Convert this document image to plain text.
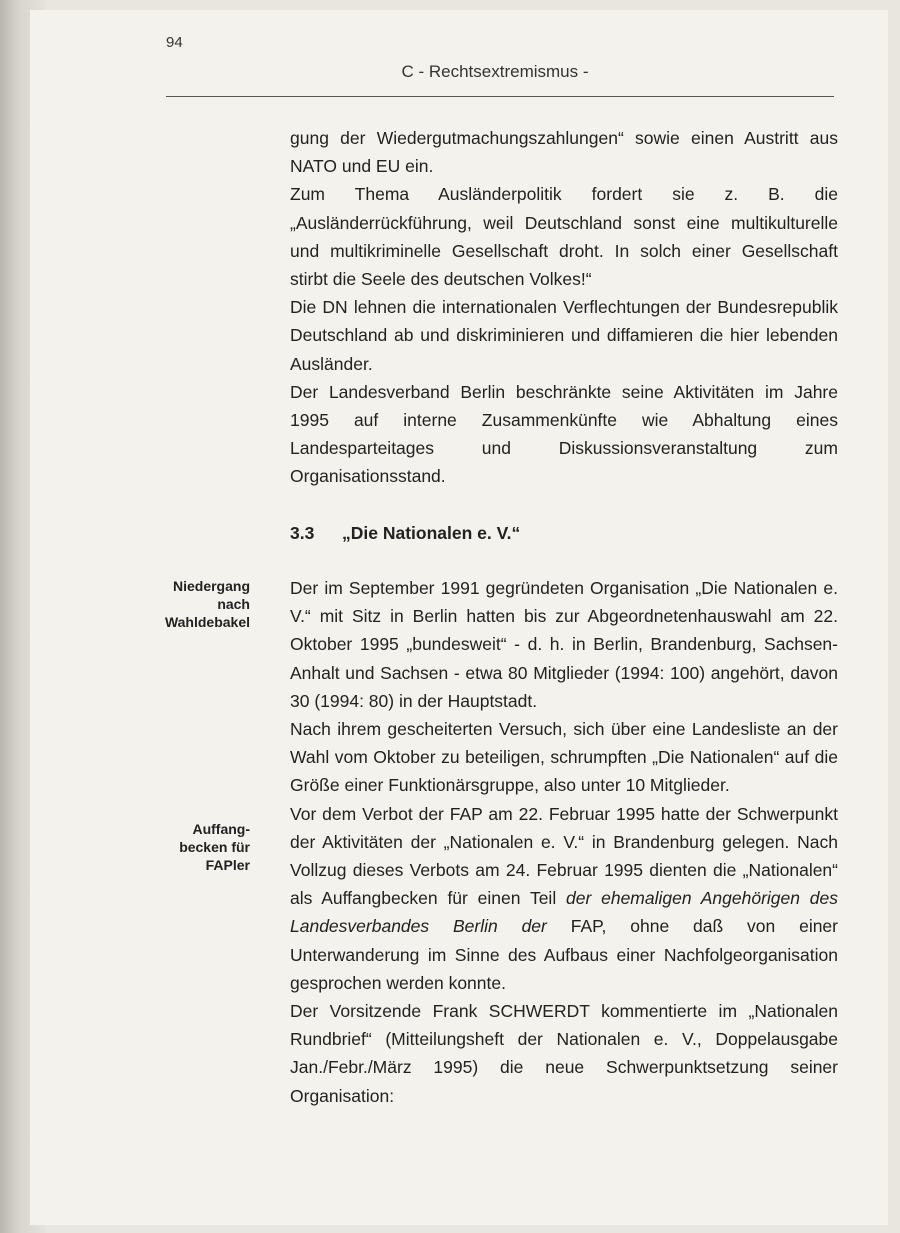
94
C - Rechtsextremismus -

gung der Wiedergutmachungszahlungen“ sowie einen Austritt aus NATO und EU ein.

Zum Thema Ausländerpolitik fordert sie z. B. die „Ausländerrückführung, weil Deutschland sonst eine multikulturelle und multikriminelle Gesellschaft droht. In solch einer Gesellschaft stirbt die Seele des deutschen Volkes!“

Die DN lehnen die internationalen Verflechtungen der Bundesrepublik Deutschland ab und diskriminieren und diffamieren die hier lebenden Ausländer.

Der Landesverband Berlin beschränkte seine Aktivitäten im Jahre 1995 auf interne Zusammenkünfte wie Abhaltung eines Landesparteitages und Diskussionsveranstaltung zum Organisationsstand.

3.3 „Die Nationalen e. V.“
Niedergang
nach
Wahldebakel
Auffang-
becken für
FAPler

Der im September 1991 gegründeten Organisation „Die Nationalen e. V.“ mit Sitz in Berlin hatten bis zur Abgeordnetenhauswahl am 22. Oktober 1995 „bundesweit“ - d. h. in Berlin, Brandenburg, Sachsen-Anhalt und Sachsen - etwa 80 Mitglieder (1994: 100) angehört, davon 30 (1994: 80) in der Hauptstadt.

Nach ihrem gescheiterten Versuch, sich über eine Landesliste an der Wahl vom Oktober zu beteiligen, schrumpften „Die Nationalen“ auf die Größe einer Funktionärsgruppe, also unter 10 Mitglieder.

Vor dem Verbot der FAP am 22. Februar 1995 hatte der Schwerpunkt der Aktivitäten der „Nationalen e. V.“ in Brandenburg gelegen. Nach Vollzug dieses Verbots am 24. Februar 1995 dienten die „Nationalen“ als Auffangbecken für einen Teil der ehemaligen Angehörigen des Landesverbandes Berlin der FAP, ohne daß von einer Unterwanderung im Sinne des Aufbaus einer Nachfolgeorganisation gesprochen werden konnte.

Der Vorsitzende Frank SCHWERDT kommentierte im „Nationalen Rundbrief“ (Mitteilungsheft der Nationalen e. V., Doppelausgabe Jan./Febr./März 1995) die neue Schwerpunktsetzung seiner Organisation:
